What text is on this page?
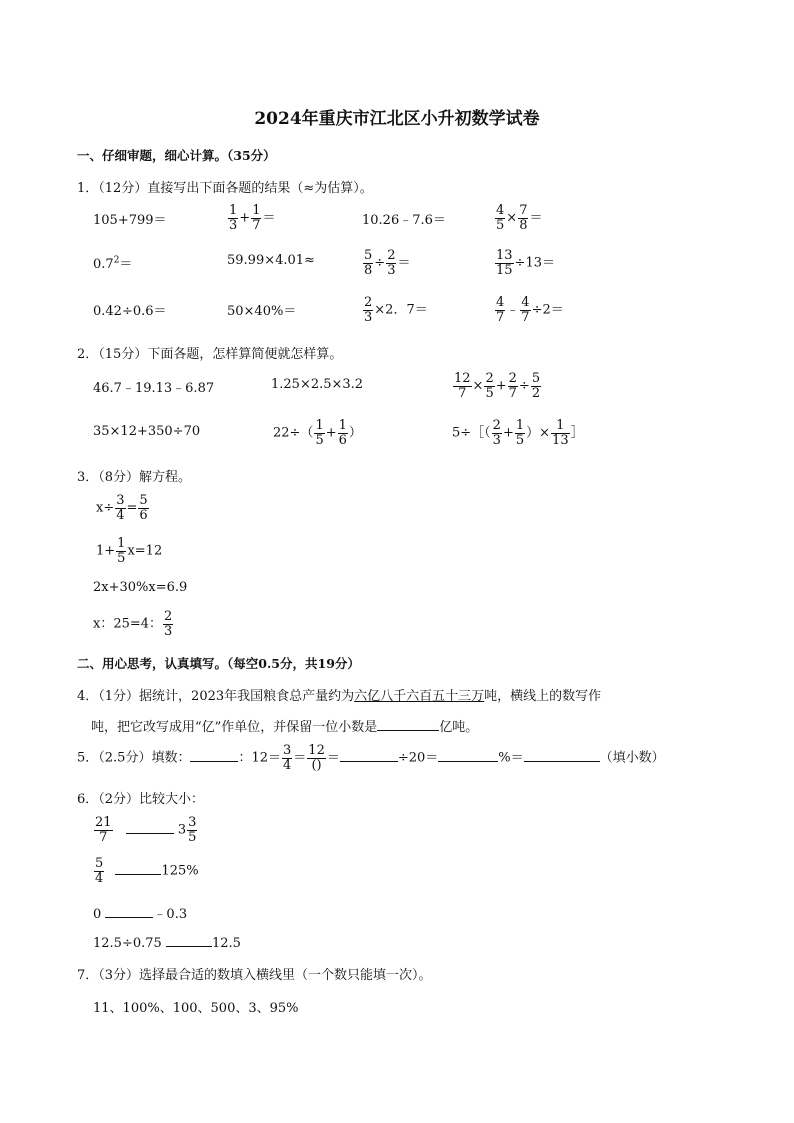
2024年重庆市江北区小升初数学试卷
一、仔细审题，细心计算。（35分）
1．（12分）直接写出下面各题的结果（≈为估算）。
105+799＝	$\frac{1}{3} + \frac{1}{7}$ ＝	10.26﹣7.6＝	$\frac{4}{5} \times \frac{7}{8}$ ＝
$0.7^2=$	59.99×4.01≈	$\frac{5}{8} \div \frac{2}{3}$ ＝	$\frac{13}{15} \div 13=$
0.42÷0.6＝	50×40%＝	$\frac{2}{3} \times 2$．7＝	$\frac{4}{7}$ ﹣ $\frac{4}{7} \div 2=$
2．（15分）下面各题，怎样算简便就怎样算。
46.7﹣19.13﹣6.87	1.25×2.5×3.2	$\frac{12}{7} \times \frac{2}{5} + \frac{2}{7} \div \frac{5}{2}$
35×12+350÷70	$22\div( \frac{1}{5} + \frac{1}{6}$ ）	5÷［（ $\frac{2}{3} + \frac{1}{5}$ ）× $\frac{1}{13}$ ］
3．（8分）解方程。
$x\div \frac{3}{4} = \frac{5}{6}$
$1+ \frac{1}{5} x=12$
2x+30%x=6.9
x：25=4： $\frac{2}{3}$
二、用心思考，认真填写。（每空0.5分，共19分）
4．（1分）据统计，2023年我国粮食总产量约为六亿八千六百五十三万吨，横线上的数写作
吨，把它改写成用“亿”作单位，并保留一位小数是	亿吨。
5．（2.5分）填数：	：$12= \frac{3}{4} = \frac{12}{()}$ ＝	÷20＝	%＝	（填小数）
6．（2分）比较大小：
$\frac{21}{7}$	$3 \frac{3}{5}$
$\frac{5}{4}$	125%
0	﹣0.3
12.5÷0.75	12.5
7．（3分）选择最合适的数填入横线里（一个数只能填一次）。
11、100%、100、500、3、95%
